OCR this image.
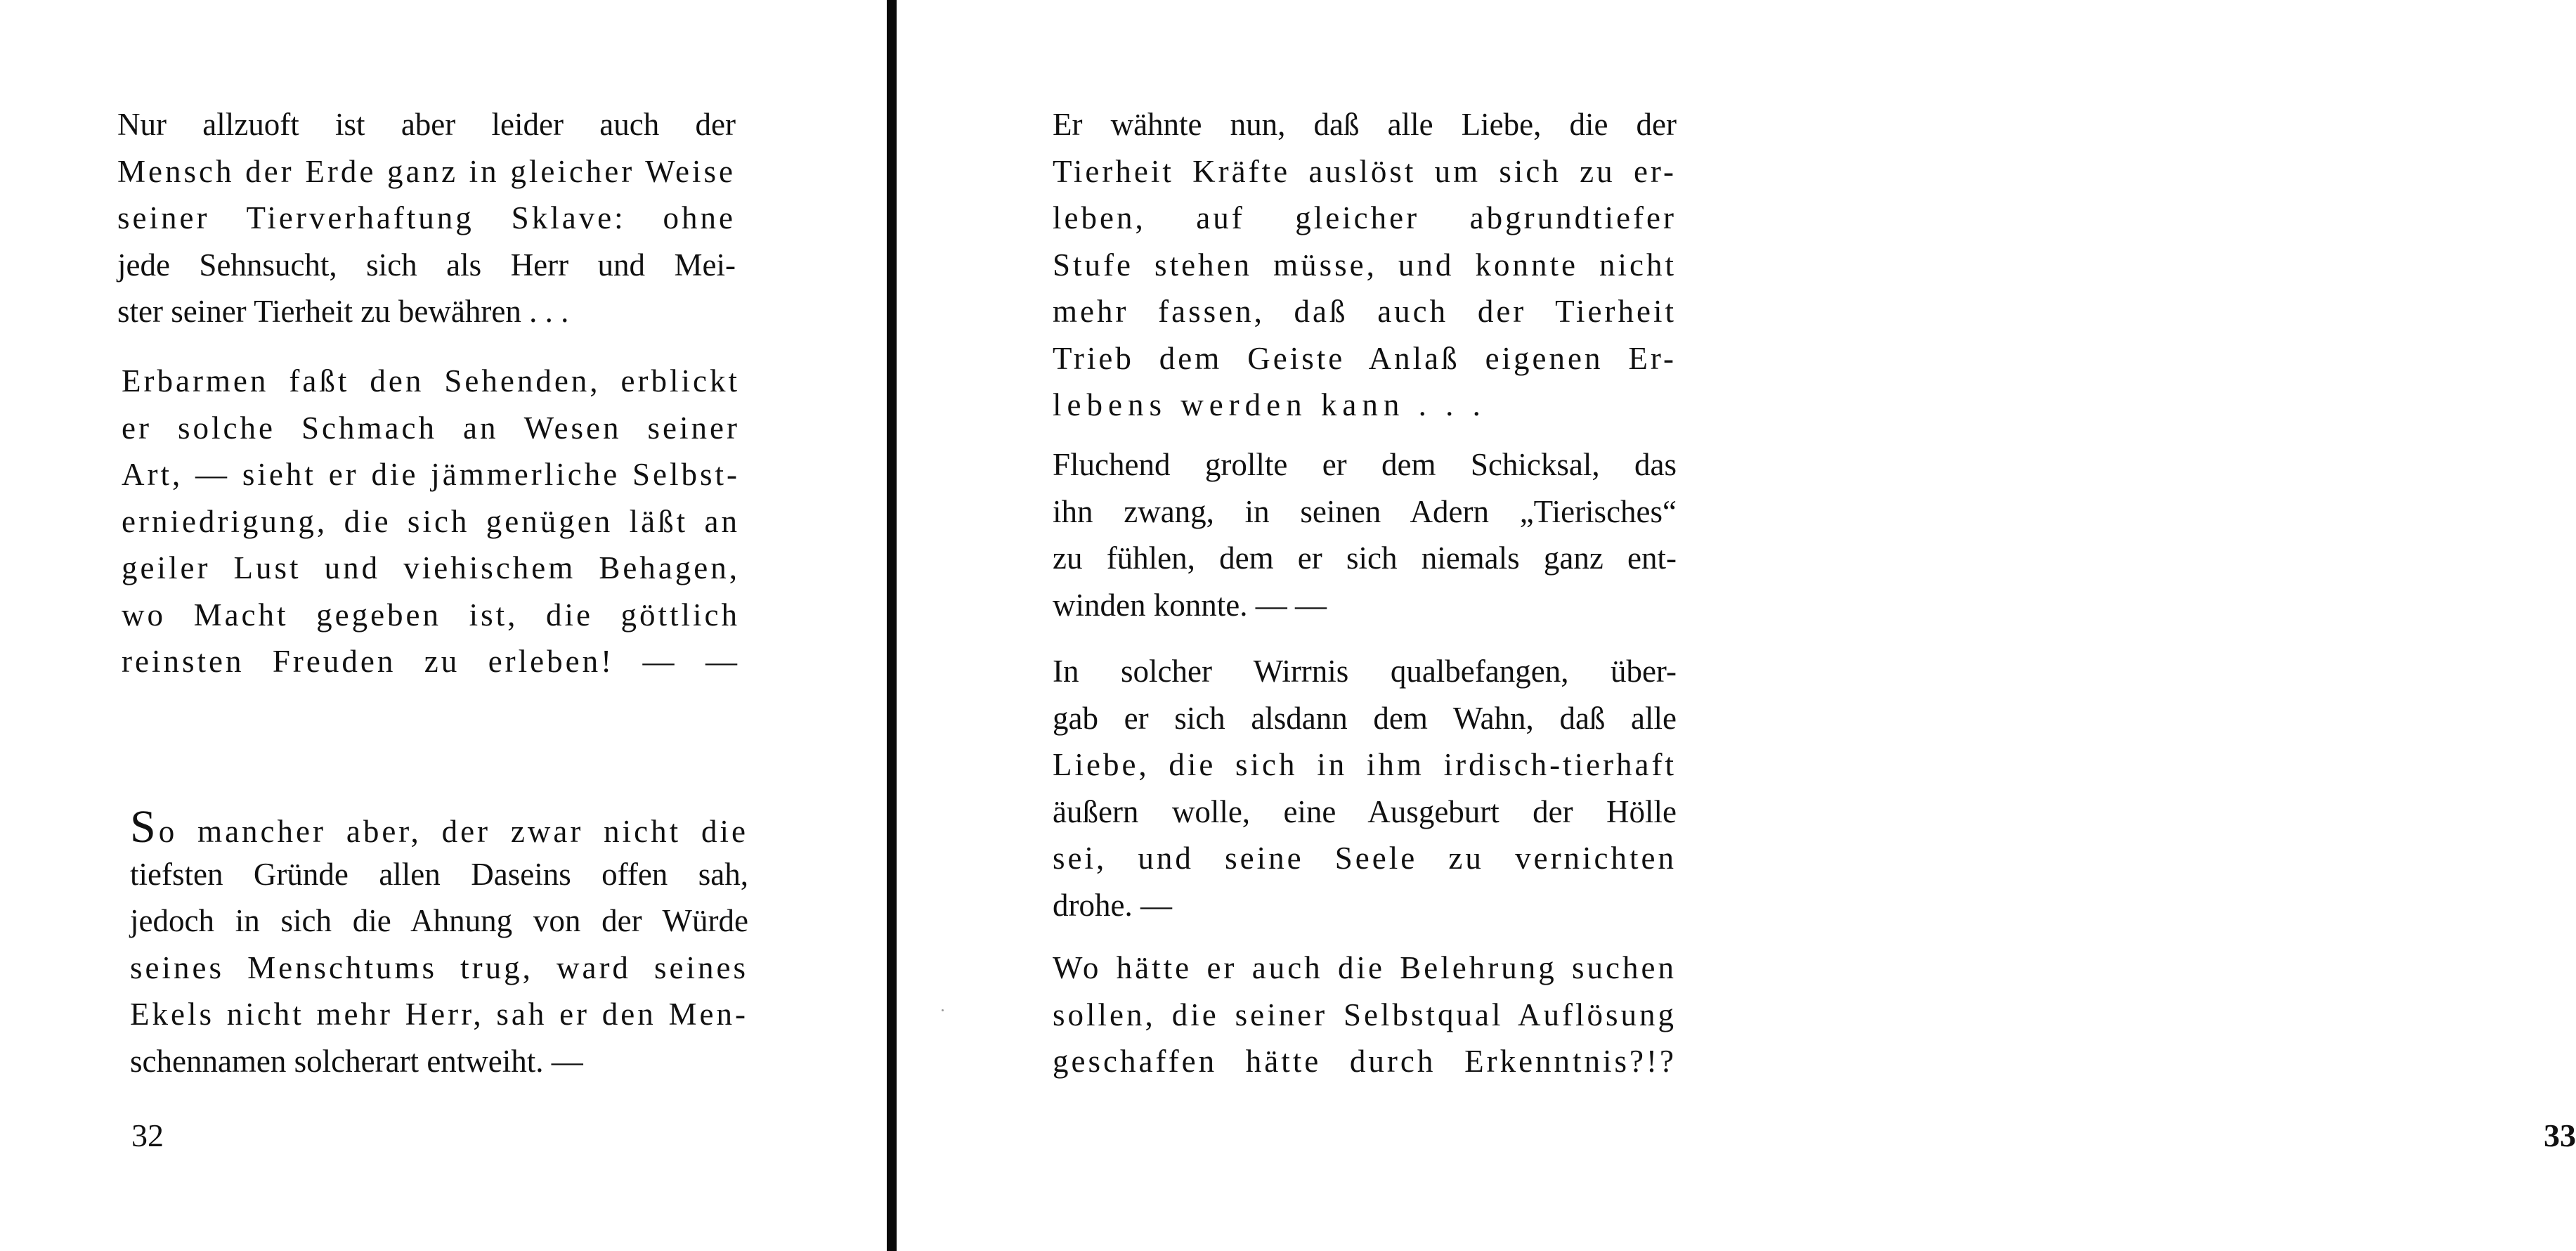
Nur allzuoft ist aber leider auch der
Mensch der Erde ganz in gleicher Weise
seiner Tierverhaftung Sklave: ohne
jede Sehnsucht, sich als Herr und Mei-
ster seiner Tierheit zu bewähren . . .
Erbarmen faßt den Sehenden, erblickt
er solche Schmach an Wesen seiner
Art, — sieht er die jämmerliche Selbst-
erniedrigung, die sich genügen läßt an
geiler Lust und viehischem Behagen,
wo Macht gegeben ist, die göttlich
reinsten Freuden zu erleben! — —
So mancher aber, der zwar nicht die
tiefsten Gründe allen Daseins offen sah,
jedoch in sich die Ahnung von der Würde
seines Menschtums trug, ward seines
Ekels nicht mehr Herr, sah er den Men-
schennamen solcherart entweiht. —
32
Er wähnte nun, daß alle Liebe, die der
Tierheit Kräfte auslöst um sich zu er-
leben, auf gleicher abgrundtiefer
Stufe stehen müsse, und konnte nicht
mehr fassen, daß auch der Tierheit
Trieb dem Geiste Anlaß eigenen Er-
lebens werden kann . . .
Fluchend grollte er dem Schicksal, das
ihn zwang, in seinen Adern „Tierisches“
zu fühlen, dem er sich niemals ganz ent-
winden konnte. — —
In solcher Wirrnis qualbefangen, über-
gab er sich alsdann dem Wahn, daß alle
Liebe, die sich in ihm irdisch-tierhaft
äußern wolle, eine Ausgeburt der Hölle
sei, und seine Seele zu vernichten
drohe. —
Wo hätte er auch die Belehrung suchen
sollen, die seiner Selbstqual Auflösung
geschaffen hätte durch Erkenntnis?!?
33
